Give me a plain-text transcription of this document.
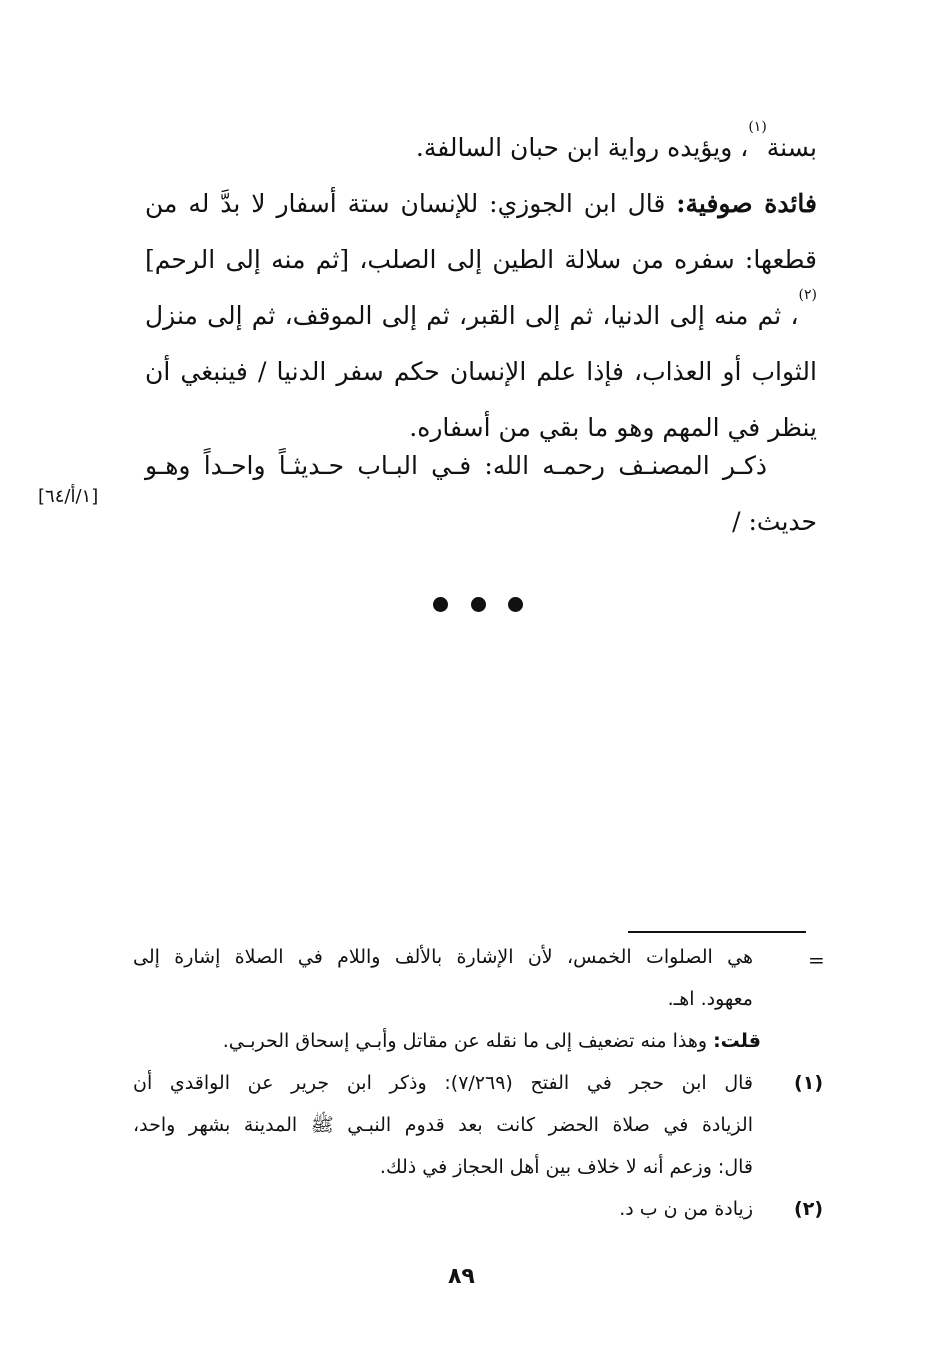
بسنة$^{(١)}$، ويؤيده رواية ابن حبان السالفة.

فائدة صوفية: قال ابن الجوزي: للإنسان ستة أسفار لا بدَّ له من قطعها: سفره من سلالة الطين إلى الصلب، [ثم منه إلى الرحم]$^{(٢)}$، ثم منه إلى الدنيا، ثم إلى القبر، ثم إلى الموقف، ثم إلى منزل الثواب أو العذاب، فإذا علم الإنسان حكم سفر الدنيا / فينبغي أن ينظر في المهم وهو ما بقي من أسفاره.

ذكـر المصنـف رحمـه الله: فـي البـاب حـديثـاً واحـداً وهـو
حديث: /

[١/أ/٦٤]
=
هي الصلوات الخمس، لأن الإشارة بالألف واللام في الصلاة إشارة إلى
معهود. اهـ.
قلت: وهذا منه تضعيف إلى ما نقله عن مقاتل وأبـي إسحاق الحربـي.
(١)
قال ابن حجر في الفتح (٧/٢٦٩): وذكر ابن جرير عن الواقدي أن
الزيادة في صلاة الحضر كانت بعد قدوم النبـي ﷺ المدينة بشهر واحد،
قال: وزعم أنه لا خلاف بين أهل الحجاز في ذلك.
(٢)
زيادة من ن ب د.
٨٩
